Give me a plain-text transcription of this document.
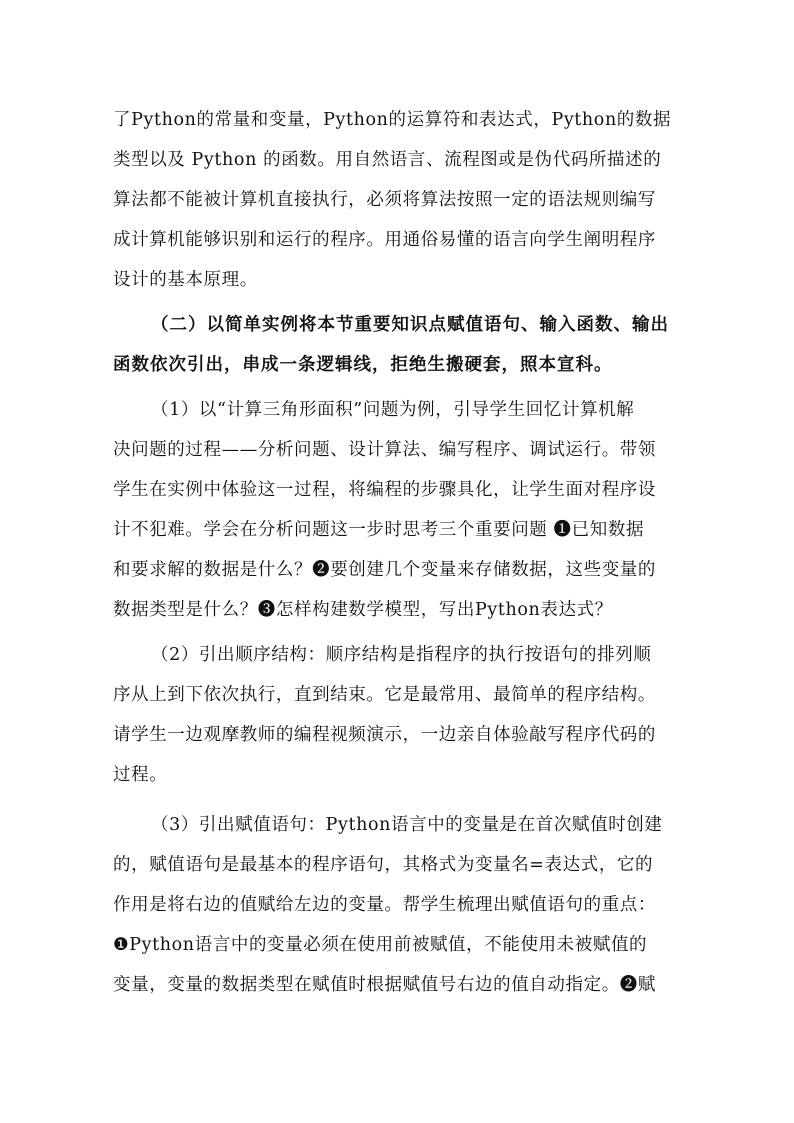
了Python的常量和变量，Python的运算符和表达式，Python的数据
类型以及 Python 的函数。用自然语言、流程图或是伪代码所描述的
算法都不能被计算机直接执行，必须将算法按照一定的语法规则编写
成计算机能够识别和运行的程序。用通俗易懂的语言向学生阐明程序
设计的基本原理。
（二）以简单实例将本节重要知识点赋值语句、输入函数、输出
函数依次引出，串成一条逻辑线，拒绝生搬硬套，照本宣科。
（1）以“计算三角形面积”问题为例，引导学生回忆计算机解
决问题的过程——分析问题、设计算法、编写程序、调试运行。带领
学生在实例中体验这一过程，将编程的步骤具化，让学生面对程序设
计不犯难。学会在分析问题这一步时思考三个重要问题 ❶已知数据
和要求解的数据是什么？❷要创建几个变量来存储数据，这些变量的
数据类型是什么？❸怎样构建数学模型，写出Python表达式？
（2）引出顺序结构：顺序结构是指程序的执行按语句的排列顺
序从上到下依次执行，直到结束。它是最常用、最简单的程序结构。
请学生一边观摩教师的编程视频演示，一边亲自体验敲写程序代码的
过程。
（3）引出赋值语句：Python语言中的变量是在首次赋值时创建
的，赋值语句是最基本的程序语句，其格式为变量名=表达式，它的
作用是将右边的值赋给左边的变量。帮学生梳理出赋值语句的重点：
❶Python语言中的变量必须在使用前被赋值，不能使用未被赋值的
变量，变量的数据类型在赋值时根据赋值号右边的值自动指定。❷赋
